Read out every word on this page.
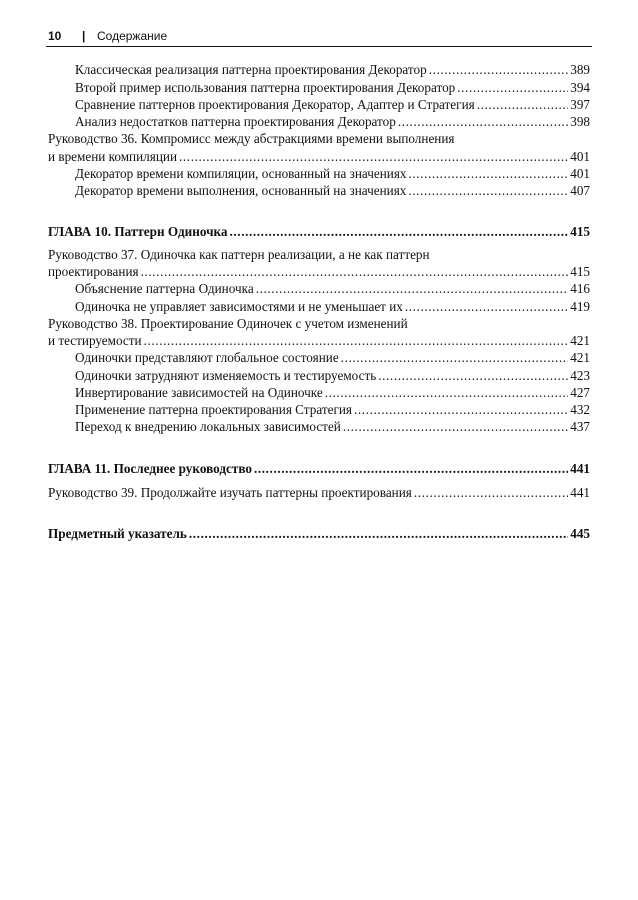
10 | Содержание
Классическая реализация паттерна проектирования Декоратор .....	389
Второй пример использования паттерна проектирования Декоратор .....	394
Сравнение паттернов проектирования Декоратор, Адаптер и Стратегия .....	397
Анализ недостатков паттерна проектирования Декоратор .....	398
Руководство 36. Компромисс между абстракциями времени выполнения
и времени компиляции .....	401
Декоратор времени компиляции, основанный на значениях .....	401
Декоратор времени выполнения, основанный на значениях .....	407
ГЛАВА 10. Паттерн Одиночка .....	415
Руководство 37. Одиночка как паттерн реализации, а не как паттерн
проектирования .....	415
Объяснение паттерна Одиночка .....	416
Одиночка не управляет зависимостями и не уменьшает их .....	419
Руководство 38. Проектирование Одиночек с учетом изменений
и тестируемости .....	421
Одиночки представляют глобальное состояние .....	421
Одиночки затрудняют изменяемость и тестируемость .....	423
Инвертирование зависимостей на Одиночке .....	427
Применение паттерна проектирования Стратегия .....	432
Переход к внедрению локальных зависимостей .....	437
ГЛАВА 11. Последнее руководство .....	441
Руководство 39. Продолжайте изучать паттерны проектирования .....	441
Предметный указатель .....	445
